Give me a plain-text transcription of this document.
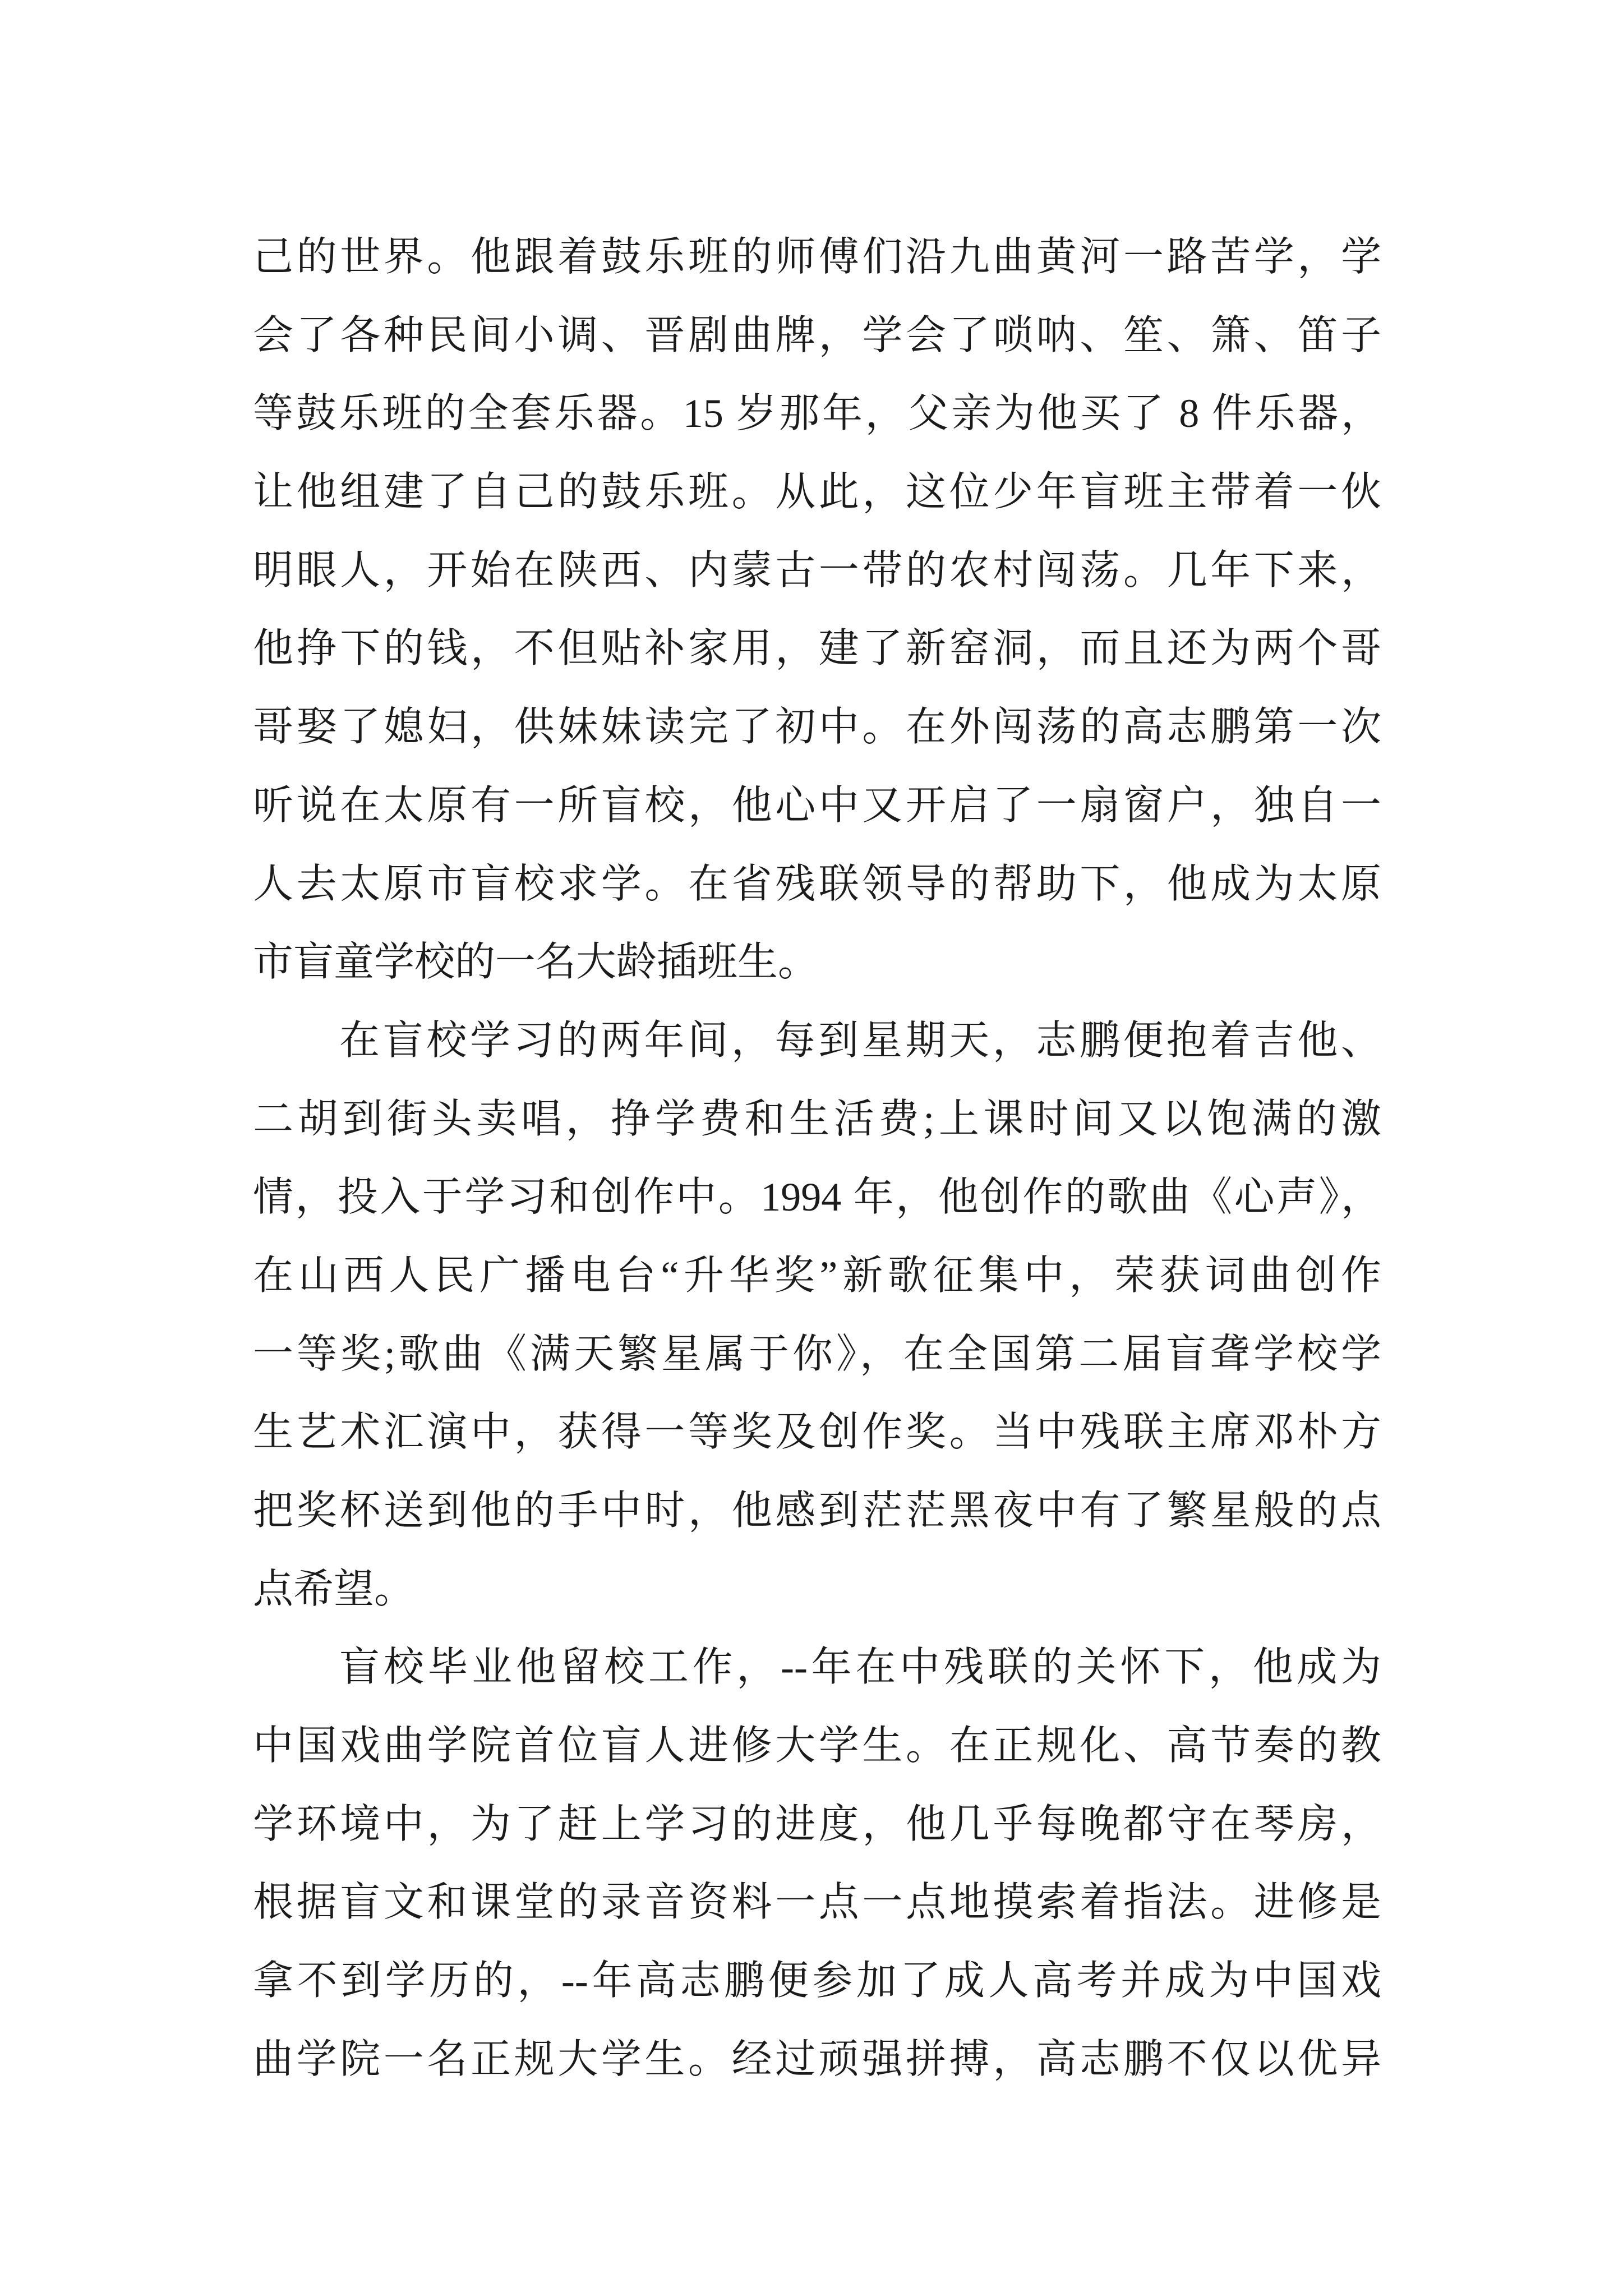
己的世界。他跟着鼓乐班的师傅们沿九曲黄河一路苦学，学
会了各种民间小调、晋剧曲牌，学会了唢呐、笙、箫、笛子
等鼓乐班的全套乐器。15 岁那年，父亲为他买了 8 件乐器，
让他组建了自己的鼓乐班。从此，这位少年盲班主带着一伙
明眼人，开始在陕西、内蒙古一带的农村闯荡。几年下来，
他挣下的钱，不但贴补家用，建了新窑洞，而且还为两个哥
哥娶了媳妇，供妹妹读完了初中。在外闯荡的高志鹏第一次
听说在太原有一所盲校，他心中又开启了一扇窗户，独自一
人去太原市盲校求学。在省残联领导的帮助下，他成为太原
市盲童学校的一名大龄插班生。
在盲校学习的两年间，每到星期天，志鹏便抱着吉他、
二胡到街头卖唱，挣学费和生活费;上课时间又以饱满的激
情，投入于学习和创作中。1994 年，他创作的歌曲《心声》，
在山西人民广播电台“升华奖”新歌征集中，荣获词曲创作
一等奖;歌曲《满天繁星属于你》，在全国第二届盲聋学校学
生艺术汇演中，获得一等奖及创作奖。当中残联主席邓朴方
把奖杯送到他的手中时，他感到茫茫黑夜中有了繁星般的点
点希望。
盲校毕业他留校工作，--年在中残联的关怀下，他成为
中国戏曲学院首位盲人进修大学生。在正规化、高节奏的教
学环境中，为了赶上学习的进度，他几乎每晚都守在琴房，
根据盲文和课堂的录音资料一点一点地摸索着指法。进修是
拿不到学历的，--年高志鹏便参加了成人高考并成为中国戏
曲学院一名正规大学生。经过顽强拼搏，高志鹏不仅以优异
